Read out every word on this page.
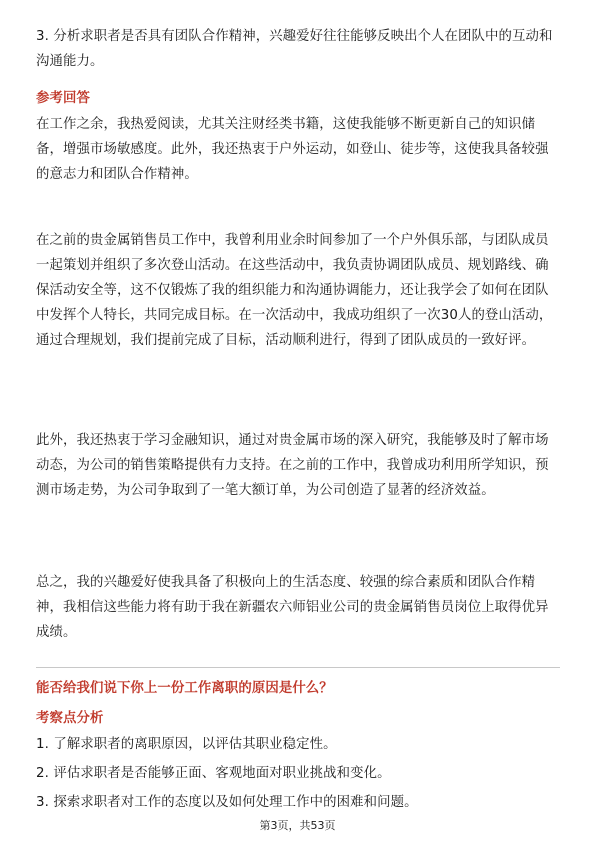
3. 分析求职者是否具有团队合作精神，兴趣爱好往往能够反映出个人在团队中的互动和沟通能力。

参考回答

在工作之余，我热爱阅读，尤其关注财经类书籍，这使我能够不断更新自己的知识储备，增强市场敏感度。此外，我还热衷于户外运动，如登山、徒步等，这使我具备较强的意志力和团队合作精神。

在之前的贵金属销售员工作中，我曾利用业余时间参加了一个户外俱乐部，与团队成员一起策划并组织了多次登山活动。在这些活动中，我负责协调团队成员、规划路线、确保活动安全等，这不仅锻炼了我的组织能力和沟通协调能力，还让我学会了如何在团队中发挥个人特长，共同完成目标。在一次活动中，我成功组织了一次30人的登山活动，通过合理规划，我们提前完成了目标，活动顺利进行，得到了团队成员的一致好评。

此外，我还热衷于学习金融知识，通过对贵金属市场的深入研究，我能够及时了解市场动态，为公司的销售策略提供有力支持。在之前的工作中，我曾成功利用所学知识，预测市场走势，为公司争取到了一笔大额订单，为公司创造了显著的经济效益。

总之，我的兴趣爱好使我具备了积极向上的生活态度、较强的综合素质和团队合作精神，我相信这些能力将有助于我在新疆农六师铝业公司的贵金属销售员岗位上取得优异成绩。

能否给我们说下你上一份工作离职的原因是什么？

考察点分析

1. 了解求职者的离职原因，以评估其职业稳定性。

2. 评估求职者是否能够正面、客观地面对职业挑战和变化。

3. 探索求职者对工作的态度以及如何处理工作中的困难和问题。

第3页，共53页
